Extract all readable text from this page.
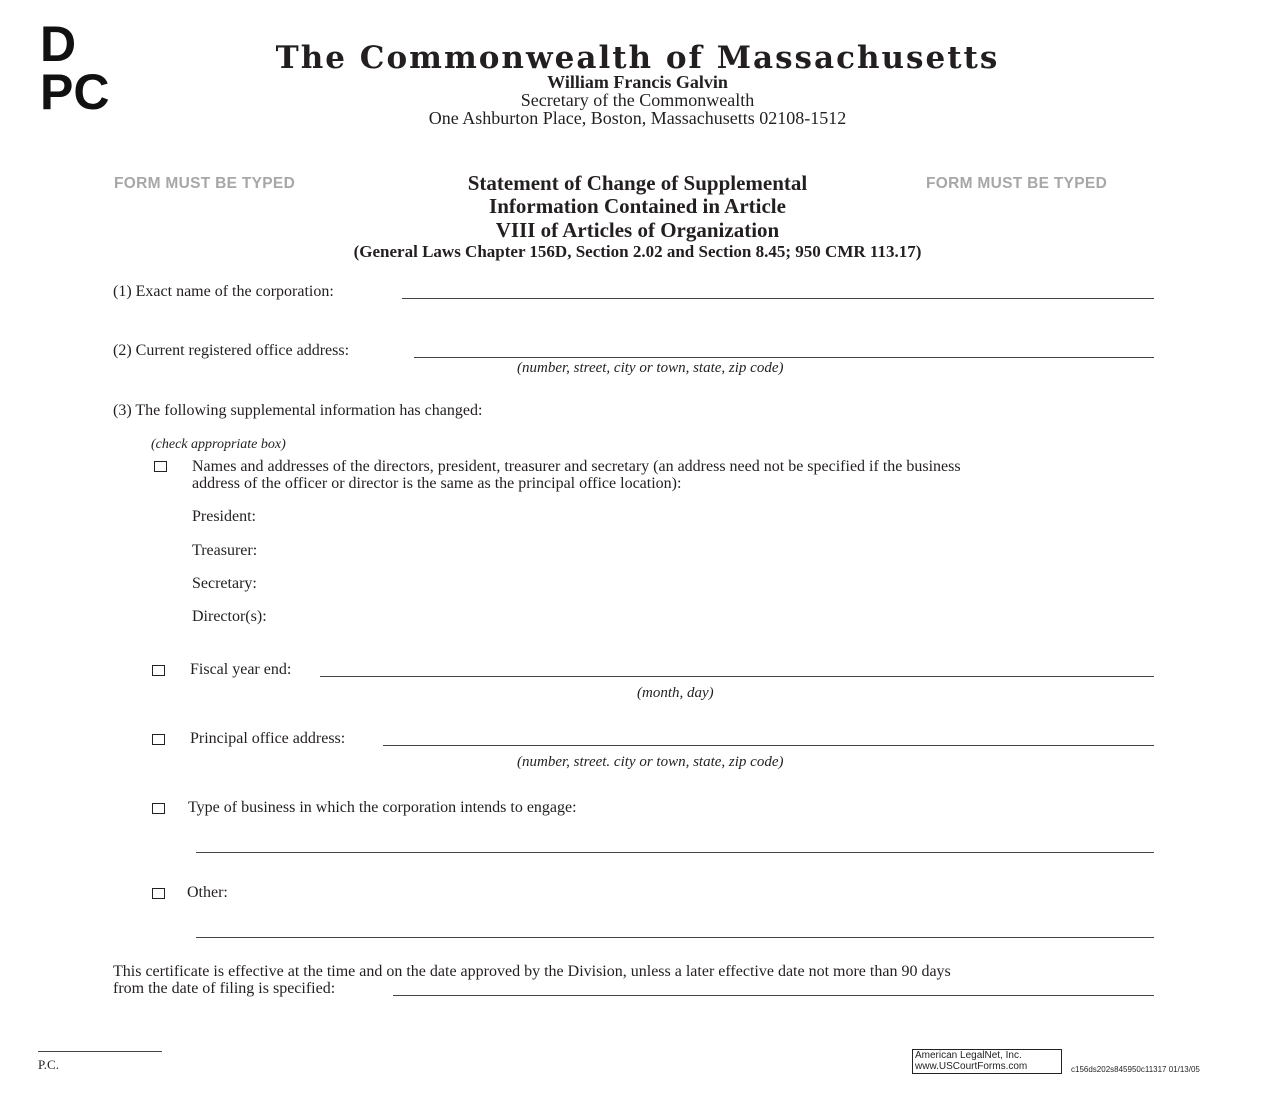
D
PC
The Commonwealth of Massachusetts
William Francis Galvin
Secretary of the Commonwealth
One Ashburton Place, Boston, Massachusetts 02108-1512
FORM MUST BE TYPED	FORM MUST BE TYPED
Statement of Change of Supplemental
Information Contained in Article
VIII of Articles of Organization
(General Laws Chapter 156D, Section 2.02 and Section 8.45; 950 CMR 113.17)
(1) Exact name of the corporation:
(2) Current registered office address:
(number, street, city or town, state, zip code)
(3) The following supplemental information has changed:
(check appropriate box)
Names and addresses of the directors, president, treasurer and secretary (an address need not be specified if the business
address of the officer or director is the same as the principal office location):
President:
Treasurer:
Secretary:
Director(s):
Fiscal year end:
(month, day)
Principal office address:
(number, street. city or town, state, zip code)
Type of business in which the corporation intends to engage:
Other:
This certificate is effective at the time and on the date approved by the Division, unless a later effective date not more than 90 days
from the date of filing is specified:
P.C.
American LegalNet, Inc.
www.USCourtForms.com	c156ds202s845950c11317 01/13/05
